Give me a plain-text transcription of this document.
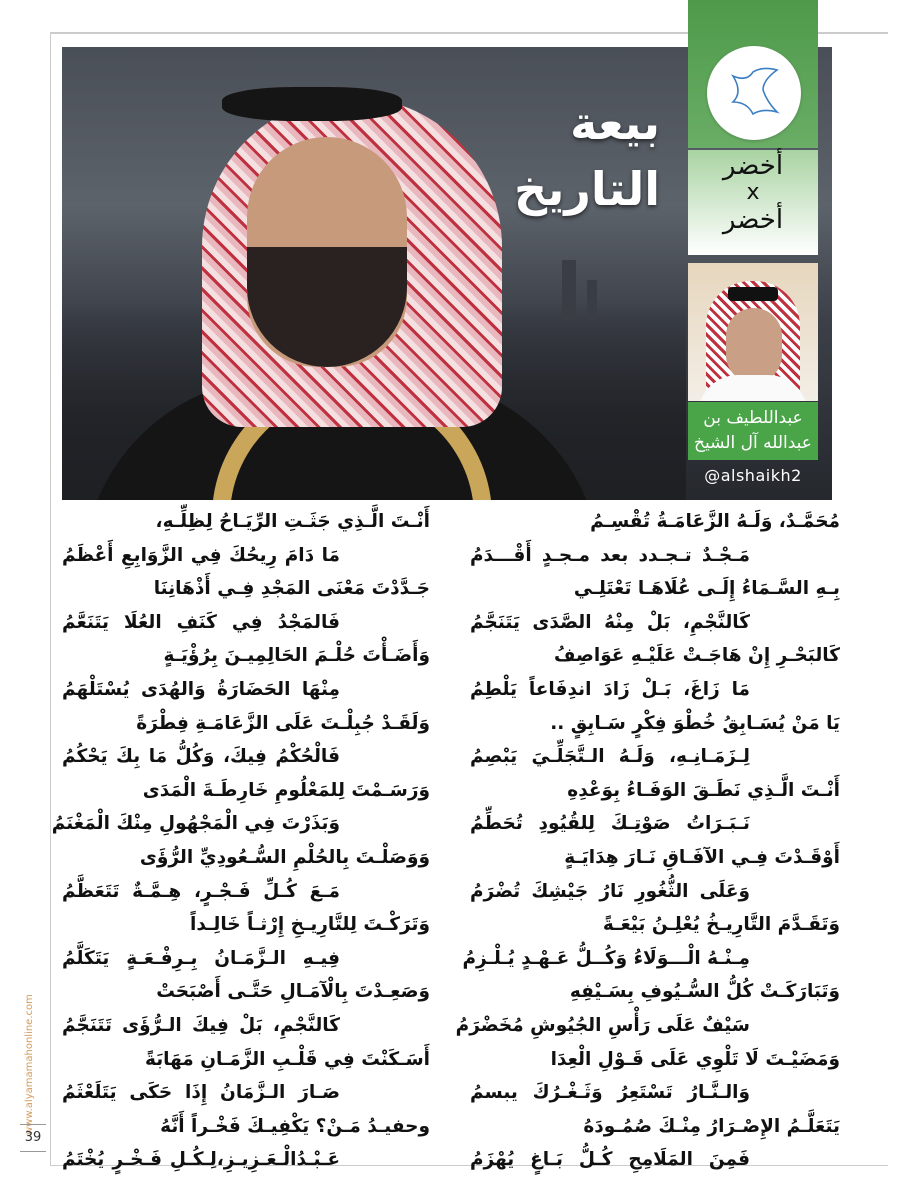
بيعة
التاريخ	أخضر
x
أخضر
عبداللطيف بن
عبدالله آل الشيخ
@alshaikh2
مُحَمَّـدٌ، وَلَـهُ الزَّعَامَـةُ تُقْسِـمُ
مَـجْـدٌ تـجـدد بعد مـجـدٍ أَقْـــدَمُ
بِـهِ السَّـمَاءُ إِلَـى عُلَاهَـا تَعْتَلِـي
كَالنَّجْمِ، بَلْ مِنْهُ الصَّدَى يَتَنَجَّمُ
كَالبَحْـرِ إِنْ هَاجَـتْ عَلَيْـهِ عَوَاصِفُ
مَا زَاغَ، بَـلْ زَادَ اندِفَاعاً يَلْطِمُ
يَا مَنْ يُسَـابِقُ خُطْوَ فِكْرٍ سَـابِقٍ ..
لِـزَمَـانِـهِ، وَلَـهُ الـتَّجَلِّـيَ يَبْصِمُ
أَنْـتَ الَّـذِي نَطَـقَ الوَفَـاءُ بِوَعْدِهِ
نَـبَـرَاتُ صَوْتِـكَ لِلقُيُودِ تُحَطِّمُ
أَوْقَـدْتَ فِـي الآفَـاقِ نَـارَ هِدَايَـةٍ
وَعَلَى الثُّغُورِ نَارُ جَيْشِكَ تُضْرَمُ
وَتَقَـدَّمَ التَّارِيـخُ يُعْلِـنُ بَيْعَـةً
مِـنْـهُ الْـــوَلَاءُ وَكُــلُّ عَـهْـدٍ يُـلْـزِمُ
وَتَبَارَكَـتْ كُلُّ السُّـيُوفِ بِسَـيْفِهِ
سَيْفٌ عَلَى رَأْسِ الجُيُوشِ مُخَضْرَمُ
وَمَضَيْـتَ لَا تَلْوِي عَلَى قَـوْلِ الْعِدَا
وَالـنَّـارُ تَسْتَعِرُ وَثَـغْـرُكَ يبسمُ
يَتَعَلَّـمُ الإِصْـرَارُ مِنْـكَ صُمُـودَهُ
فَمِنَ المَلَامِحِ كُـلُّ بَـاغٍ يُهْزَمُ
أَنْـتَ الَّـذِي جَثَـتِ الرِّيَـاحُ لِظِلِّـهِ،
مَا دَامَ رِيحُكَ فِي الزَّوَابِعِ أَعْظَمُ
جَـدَّدْتَ مَعْنَى المَجْدِ فِـي أَذْهَانِنَا
فَالمَجْدُ فِي كَنَفِ العُلَا يَتَنَعَّمُ
وَأَضَـأْتَ حُلْـمَ الحَالِمِيـنَ بِرُؤْيَـةٍ
مِنْهَا الحَضَارَةُ وَالهُدَى يُسْتَلْهَمُ
وَلَقَـدْ جُبِلْـتَ عَلَى الزَّعَامَـةِ فِطْرَةً
فَالْحُكْمُ فِيكَ، وَكُلُّ مَا بِكَ يَحْكُمُ
وَرَسَـمْتَ لِلمَعْلُومِ خَارِطَـةَ الْمَدَى
وَبَذَرْتَ فِي الْمَجْهُولِ مِنْكَ الْمَغْنَمُ
وَوَصَلْـتَ بِالحُلْمِ السُّـعُودِيِّ الرُّؤَى
مَـعَ كُـلِّ فَـجْـرٍ، هِـمَّـةٌ تَتَعَظَّمُ
وَتَرَكْـتَ لِلتَّارِيـخِ إِرْثـاً خَالِـداً
فِيـهِ الـزَّمَـانُ بِـرِفْـعَـةٍ يَتَكَلَّمُ
وَصَعِـدْتَ بِالْآمَـالِ حَتَّـى أَصْبَحَتْ
كَالنَّجْمِ، بَلْ فِيكَ الـرُّؤَى تَتَنَجَّمُ
أَسَـكَنْتَ فِي قَلْـبِ الزَّمَـانِ مَهَابَةً
صَـارَ الـزَّمَانُ إِذَا حَكَى يَتَلَعْثَمُ
وحفيـدُ مَـنْ؟ يَكْفِيـكَ فَخْـراً أَنَّهُ
عَـبْـدُالْـعَـزِيـزِ،لِـكُـلِ فَـخْـرٍ يُخْتَمُ
www.alyamamahonline.com
39
